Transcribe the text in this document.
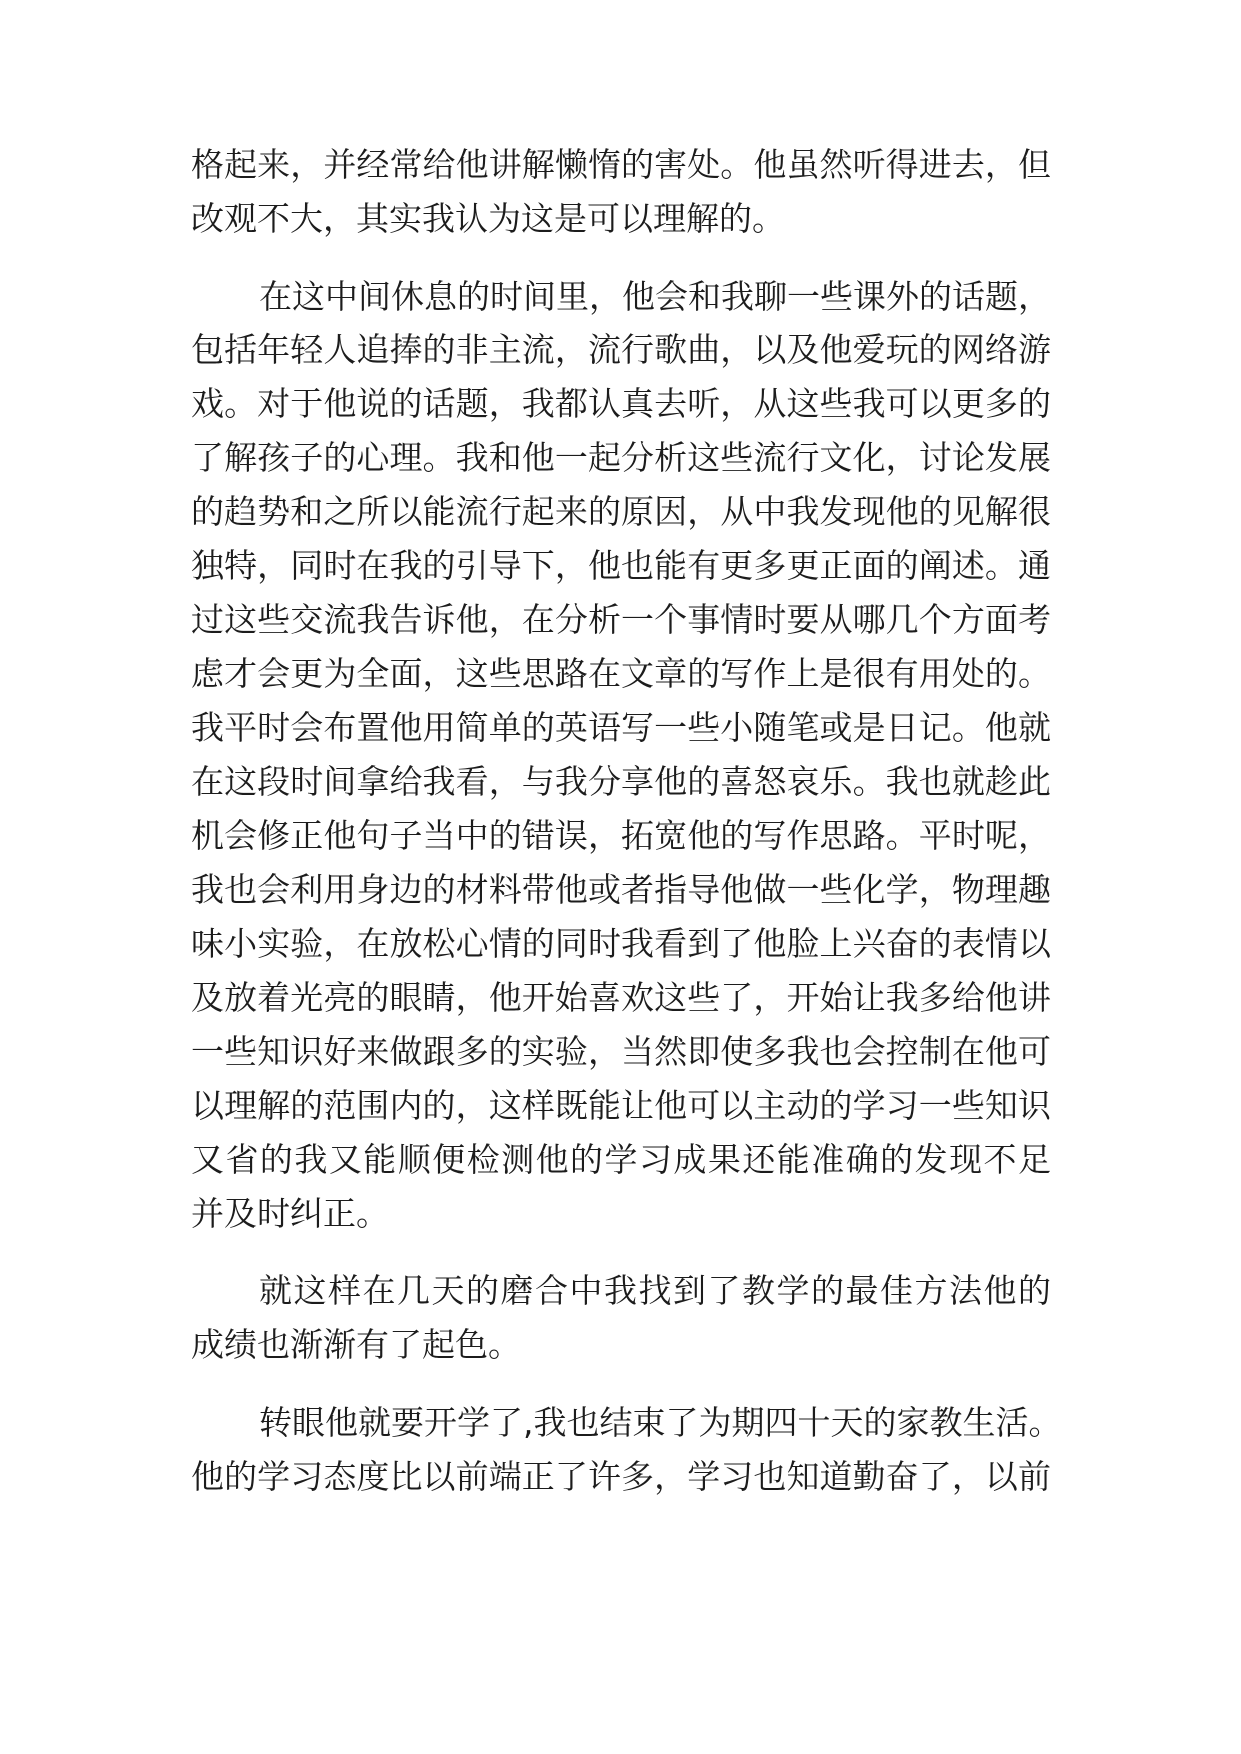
格起来，并经常给他讲解懒惰的害处。他虽然听得进去，但
改观不大，其实我认为这是可以理解的。
在这中间休息的时间里，他会和我聊一些课外的话题，
包括年轻人追捧的非主流，流行歌曲，以及他爱玩的网络游
戏。对于他说的话题，我都认真去听，从这些我可以更多的
了解孩子的心理。我和他一起分析这些流行文化，讨论发展
的趋势和之所以能流行起来的原因，从中我发现他的见解很
独特，同时在我的引导下，他也能有更多更正面的阐述。通
过这些交流我告诉他，在分析一个事情时要从哪几个方面考
虑才会更为全面，这些思路在文章的写作上是很有用处的。
我平时会布置他用简单的英语写一些小随笔或是日记。他就
在这段时间拿给我看，与我分享他的喜怒哀乐。我也就趁此
机会修正他句子当中的错误，拓宽他的写作思路。平时呢，
我也会利用身边的材料带他或者指导他做一些化学，物理趣
味小实验，在放松心情的同时我看到了他脸上兴奋的表情以
及放着光亮的眼睛，他开始喜欢这些了，开始让我多给他讲
一些知识好来做跟多的实验，当然即使多我也会控制在他可
以理解的范围内的，这样既能让他可以主动的学习一些知识
又省的我又能顺便检测他的学习成果还能准确的发现不足
并及时纠正。
就这样在几天的磨合中我找到了教学的最佳方法他的
成绩也渐渐有了起色。
转眼他就要开学了,我也结束了为期四十天的家教生活。
他的学习态度比以前端正了许多，学习也知道勤奋了，以前
